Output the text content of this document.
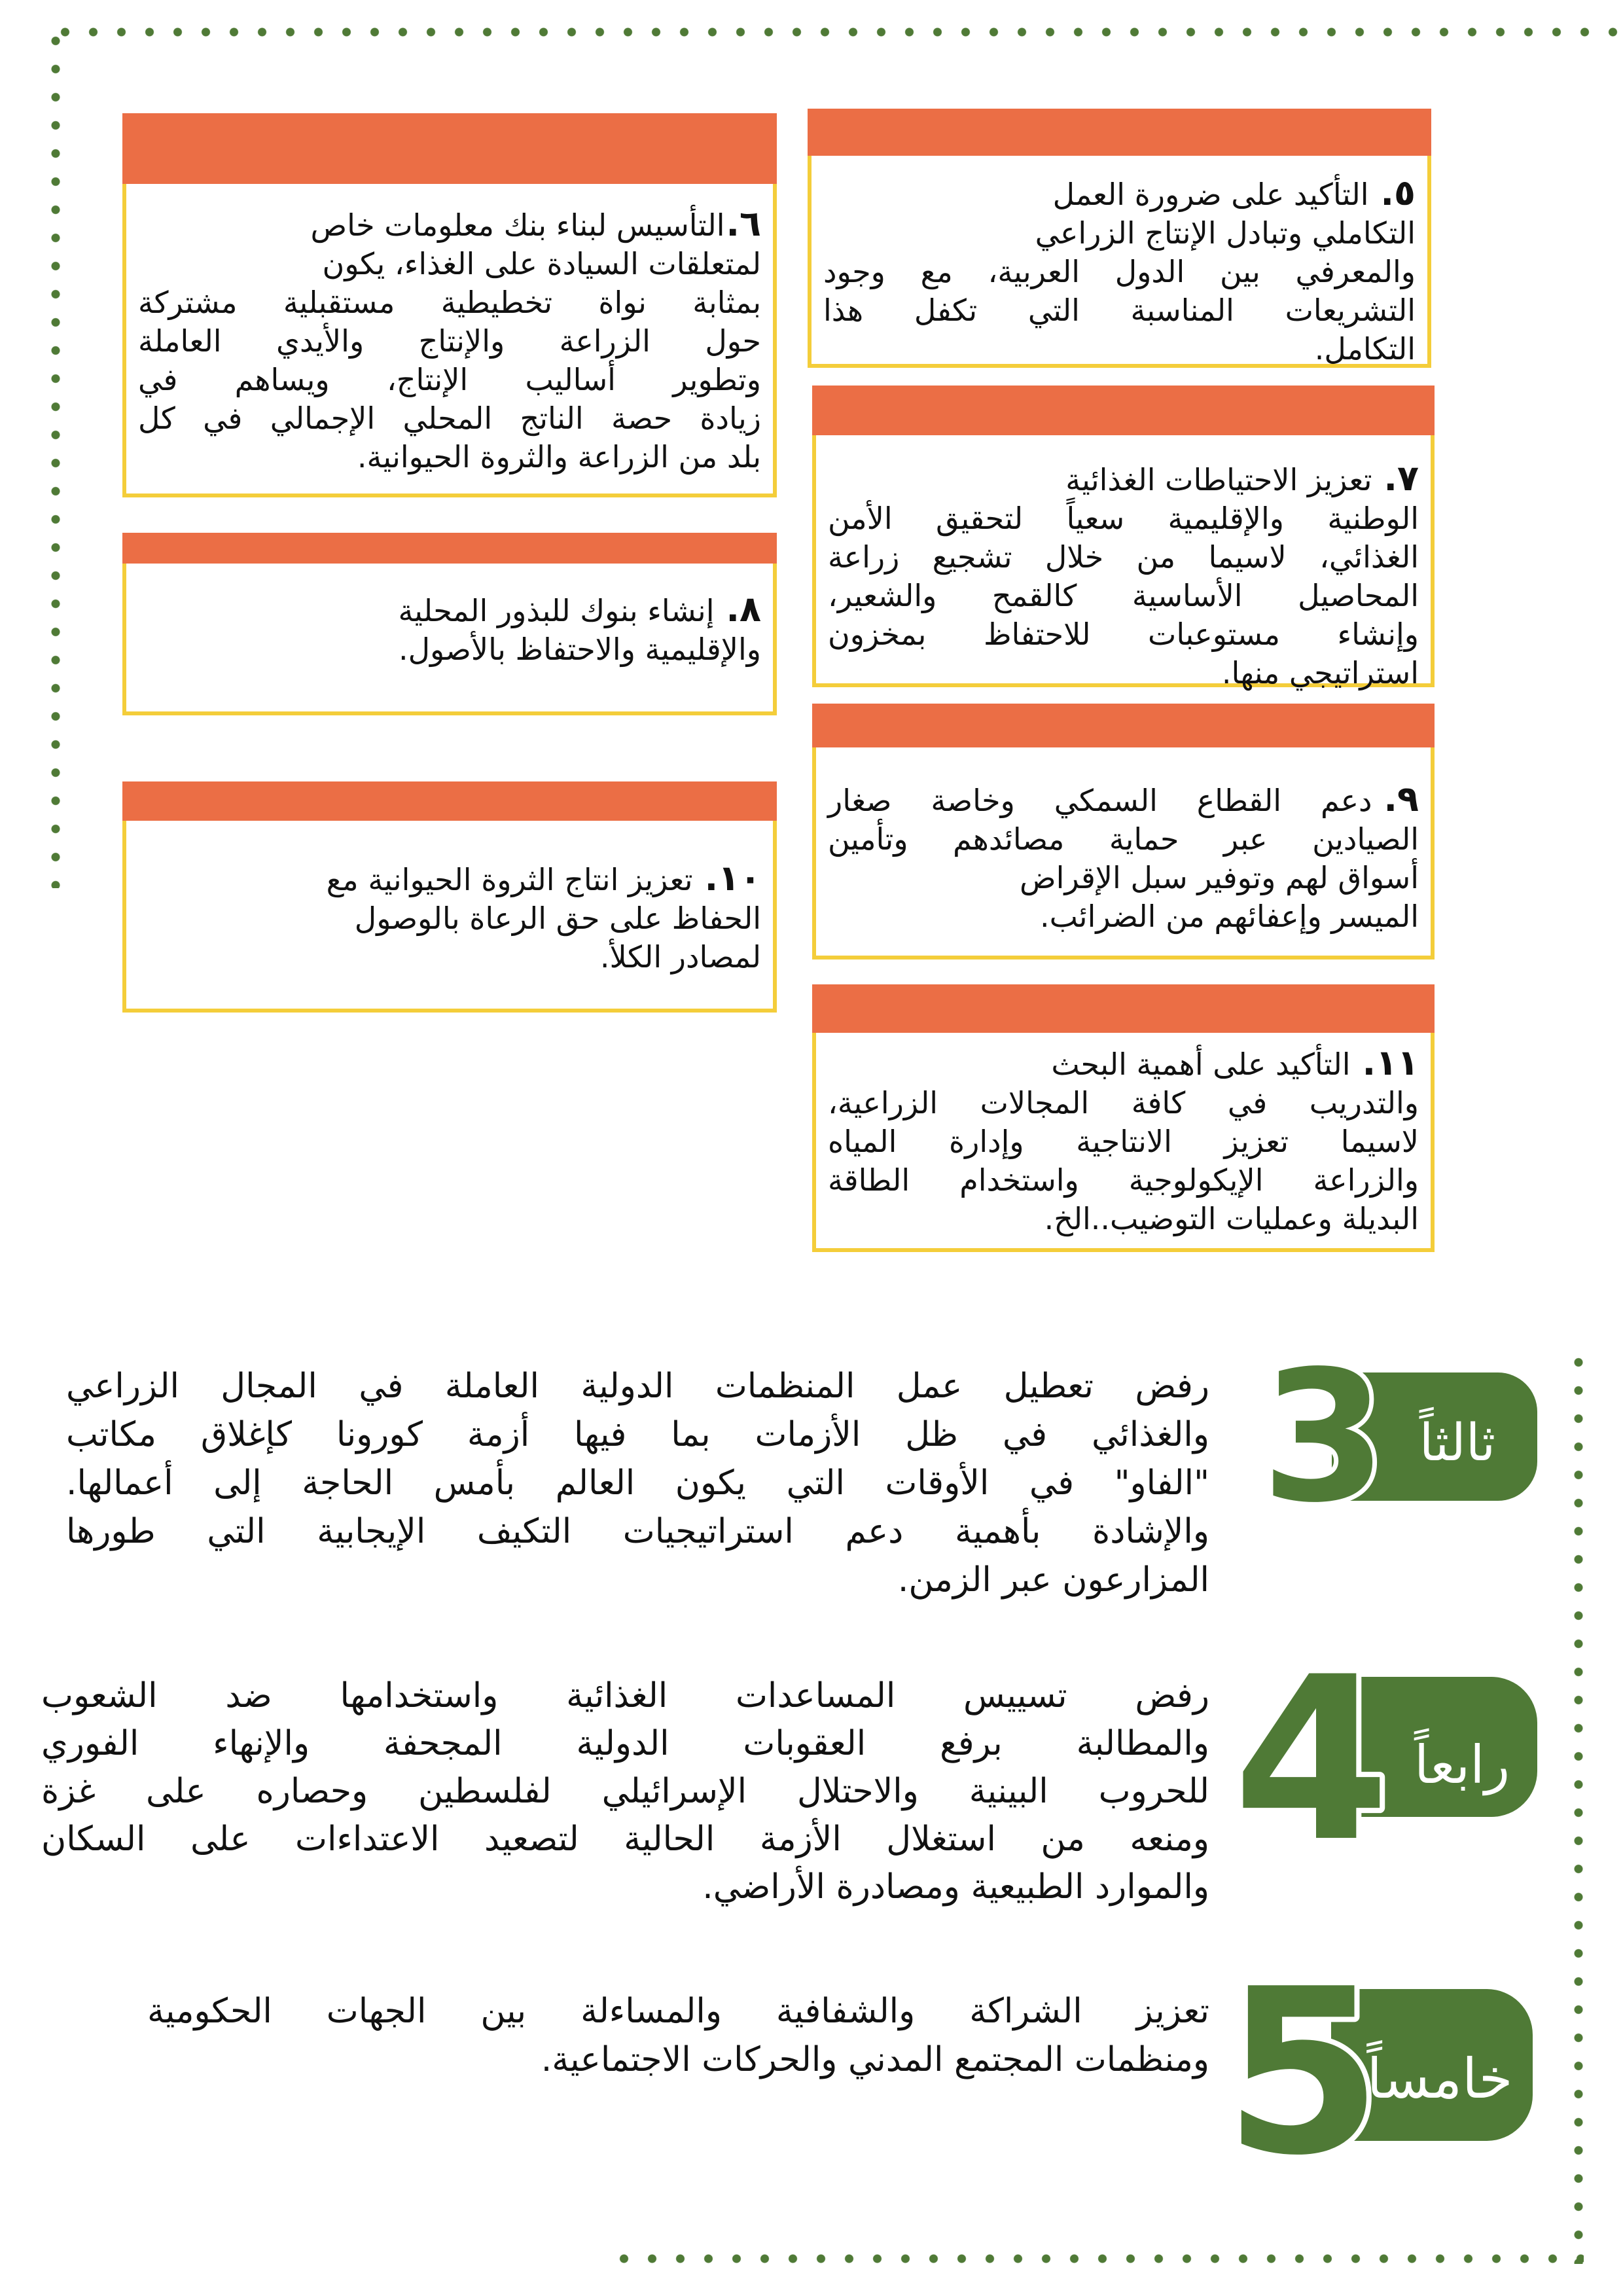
٥.التأكيد على ضرورة العمل
التكاملي وتبادل الإنتاج الزراعي
والمعرفي بين الدول العربية، مع وجود
التشريعات المناسبة التي تكفل هذا
التكامل.
٦.التأسيس لبناء بنك معلومات خاص
لمتعلقات السيادة على الغذاء، يكون
بمثابة نواة تخطيطية مستقبلية مشتركة
حول الزراعة والإنتاج والأيدي العاملة
وتطوير أساليب الإنتاج، ويساهم في
زيادة حصة الناتج المحلي الإجمالي في كل
بلد من الزراعة والثروة الحيوانية.
٧.تعزيز الاحتياطات الغذائية
الوطنية والإقليمية سعياً لتحقيق الأمن
الغذائي، لاسيما من خلال تشجيع زراعة
المحاصيل الأساسية كالقمح والشعير،
وإنشاء مستوعبات للاحتفاظ بمخزون
استراتيجي منها.
٨.إنشاء بنوك للبذور المحلية
والإقليمية والاحتفاظ بالأصول.
٩.دعم القطاع السمكي وخاصة صغار
الصيادين عبر حماية مصائدهم وتأمين
أسواق لهم وتوفير سبل الإقراض
الميسر وإعفائهم من الضرائب.
١٠.تعزيز انتاج الثروة الحيوانية مع
الحفاظ على حق الرعاة بالوصول
لمصادر الكلأ.
١١.التأكيد على أهمية البحث
والتدريب في كافة المجالات الزراعية،
لاسيما تعزيز الانتاجية وإدارة المياه
والزراعة الإيكولوجية واستخدام الطاقة
البديلة وعمليات التوضيب..الخ.
3 ثالثاً
رفض تعطيل عمل المنظمات الدولية العاملة في المجال الزراعي
والغذائي في ظل الأزمات بما فيها أزمة كورونا كإغلاق مكاتب
"الفاو" في الأوقات التي يكون العالم بأمس الحاجة إلى أعمالها.
والإشادة بأهمية دعم استراتيجيات التكيف الإيجابية التي طورها
المزارعون عبر الزمن.
4 رابعاً
رفض تسييس المساعدات الغذائية واستخدامها ضد الشعوب
والمطالبة برفع العقوبات الدولية المجحفة والإنهاء الفوري
للحروب البينية والاحتلال الإسرائيلي لفلسطين وحصاره على غزة
ومنعه من استغلال الأزمة الحالية لتصعيد الاعتداءات على السكان
والموارد الطبيعية ومصادرة الأراضي.
5
خامساً
تعزيز الشراكة والشفافية والمساءلة بين الجهات الحكومية
ومنظمات المجتمع المدني والحركات الاجتماعية.
